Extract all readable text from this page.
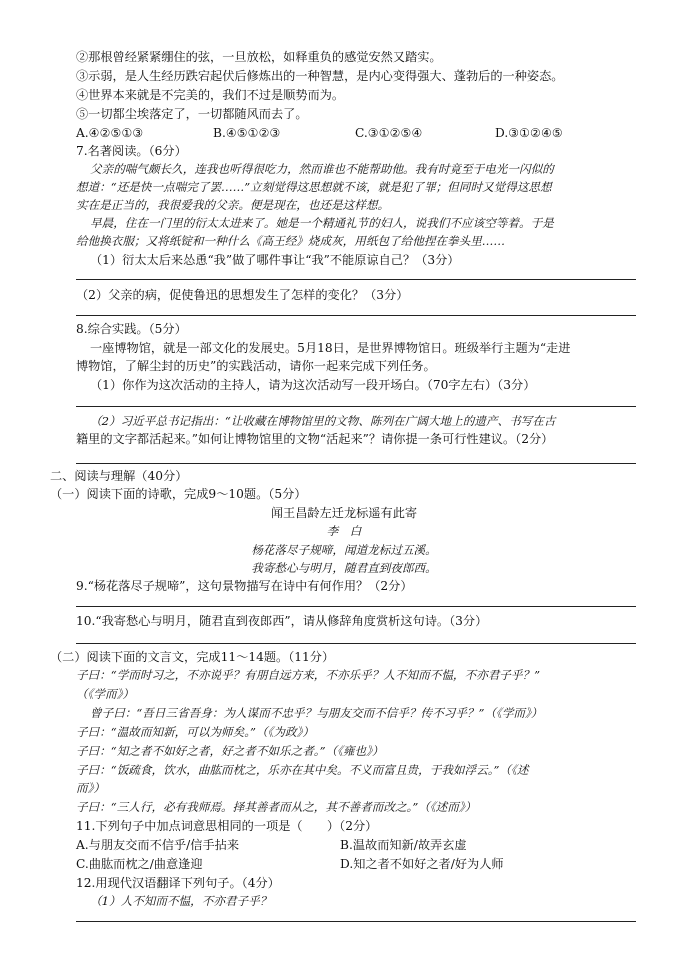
②那根曾经紧紧绷住的弦，一旦放松，如释重负的感觉安然又踏实。
③示弱，是人生经历跌宕起伏后修炼出的一种智慧，是内心变得强大、蓬勃后的一种姿态。
④世界本来就是不完美的，我们不过是顺势而为。
⑤一切都尘埃落定了，一切都随风而去了。
A.④②⑤①③	B.④⑤①②③	C.③①②⑤④	D.③①②④⑤
7.名著阅读。（6分）
父亲的喘气颇长久，连我也听得很吃力，然而谁也不能帮助他。我有时竟至于电光一闪似的
想道：“还是快一点喘完了罢……”立刻觉得这思想就不该，就是犯了罪；但同时又觉得这思想
实在是正当的，我很爱我的父亲。便是现在，也还是这样想。
早晨，住在一门里的衍太太进来了。她是一个精通礼节的妇人，说我们不应该空等着。于是
给他换衣服；又将纸锭和一种什么《高王经》烧成灰，用纸包了给他捏在拳头里……
（1）衍太太后来怂恿“我”做了哪件事让“我”不能原谅自己？（3分）
（2）父亲的病，促使鲁迅的思想发生了怎样的变化？（3分）
8.综合实践。（5分）
一座博物馆，就是一部文化的发展史。5月18日，是世界博物馆日。班级举行主题为“走进
博物馆，了解尘封的历史”的实践活动，请你一起来完成下列任务。
（1）你作为这次活动的主持人，请为这次活动写一段开场白。（70字左右）（3分）
（2）习近平总书记指出：“让收藏在博物馆里的文物、陈列在广阔大地上的遗产、书写在古
籍里的文字都活起来。”如何让博物馆里的文物“活起来”？请你提一条可行性建议。（2分）
二、阅读与理解（40分）
（一）阅读下面的诗歌，完成9～10题。（5分）
闻王昌龄左迁龙标遥有此寄
李　白
杨花落尽子规啼，闻道龙标过五溪。
我寄愁心与明月，随君直到夜郎西。
9.“杨花落尽子规啼”，这句景物描写在诗中有何作用？（2分）
10.“我寄愁心与明月，随君直到夜郎西”，请从修辞角度赏析这句诗。（3分）
（二）阅读下面的文言文，完成11～14题。（11分）
子曰：“学而时习之，不亦说乎？有朋自远方来，不亦乐乎？人不知而不愠，不亦君子乎？”
（《学而》）
曾子曰：“吾日三省吾身：为人谋而不忠乎？与朋友交而不信乎？传不习乎？”（《学而》）
子曰：“温故而知新，可以为师矣。”（《为政》）
子曰：“知之者不如好之者，好之者不如乐之者。”（《雍也》）
子曰：“饭疏食，饮水，曲肱而枕之，乐亦在其中矣。不义而富且贵，于我如浮云。”（《述
而》）
子曰：“三人行，必有我师焉。择其善者而从之，其不善者而改之。”（《述而》）
11.下列句子中加点词意思相同的一项是（　　）（2分）
A.与朋友交而不信乎/信手拈来	B.温故而知新/故弄玄虚
C.曲肱而枕之/曲意逢迎	D.知之者不如好之者/好为人师
12.用现代汉语翻译下列句子。（4分）
（1）人不知而不愠，不亦君子乎？
